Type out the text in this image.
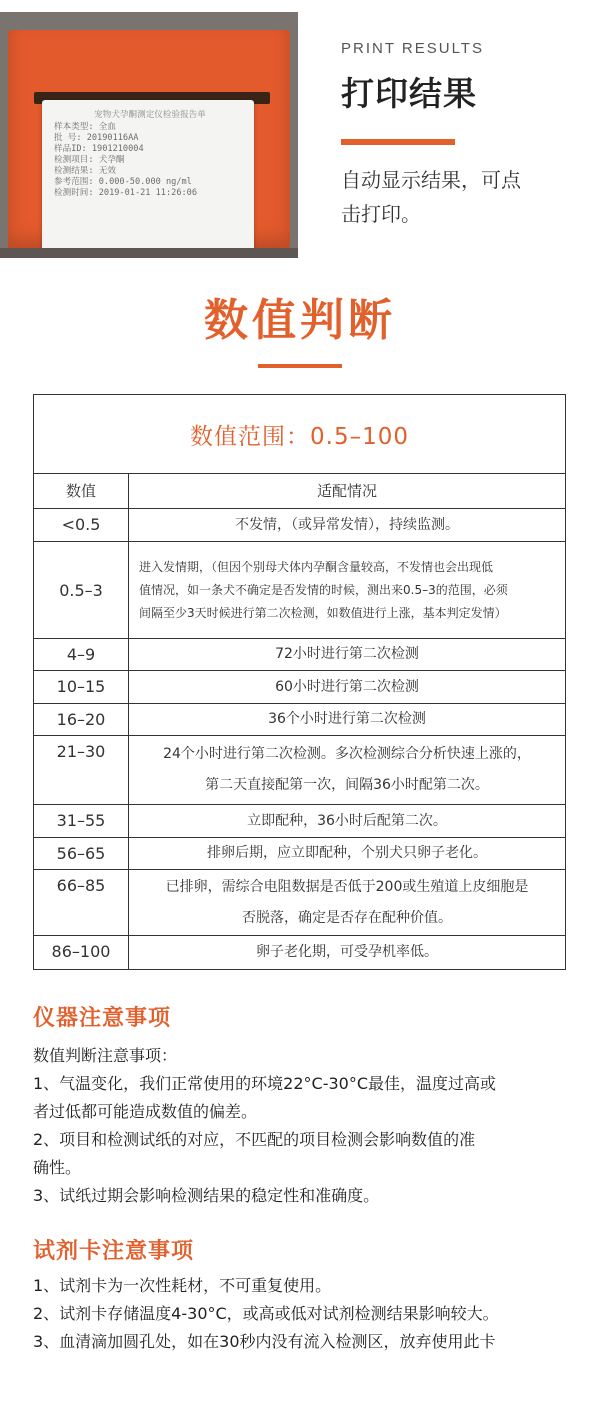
宠物犬孕酮测定仪检验报告单
样本类型: 全血
批 号: 20190116AA
样品ID: 1901210004
检测项目: 犬孕酮
检测结果: 无效
参考范围: 0.000-50.000 ng/ml
检测时间: 2019-01-21 11:26:06
PRINT RESULTS
打印结果
自动显示结果，可点
击打印。
数值判断
数值范围：0.5–100
数值	适配情况
<0.5	不发情，（或异常发情），持续监测。
0.5–3
进入发情期，（但因个别母犬体内孕酮含量较高，不发情也会出现低
值情况，如一条犬不确定是否发情的时候，测出来0.5–3的范围，必须
间隔至少3天时候进行第二次检测，如数值进行上涨，基本判定发情）
4–9	72小时进行第二次检测
10–15	60小时进行第二次检测
16–20	36个小时进行第二次检测
21–30	24个小时进行第二次检测。多次检测综合分析快速上涨的，
第二天直接配第一次，间隔36小时配第二次。
31–55	立即配种，36小时后配第二次。
56–65	排卵后期，应立即配种，个别犬只卵子老化。
66–85	已排卵，需综合电阻数据是否低于200或生殖道上皮细胞是
否脱落，确定是否存在配种价值。
86–100	卵子老化期，可受孕机率低。
仪器注意事项
数值判断注意事项：
1、气温变化，我们正常使用的环境22°C-30°C最佳，温度过高或
者过低都可能造成数值的偏差。
2、项目和检测试纸的对应，不匹配的项目检测会影响数值的准
确性。
3、试纸过期会影响检测结果的稳定性和准确度。
试剂卡注意事项
1、试剂卡为一次性耗材，不可重复使用。
2、试剂卡存储温度4-30°C，或高或低对试剂检测结果影响较大。
3、血清滴加圆孔处，如在30秒内没有流入检测区，放弃使用此卡
